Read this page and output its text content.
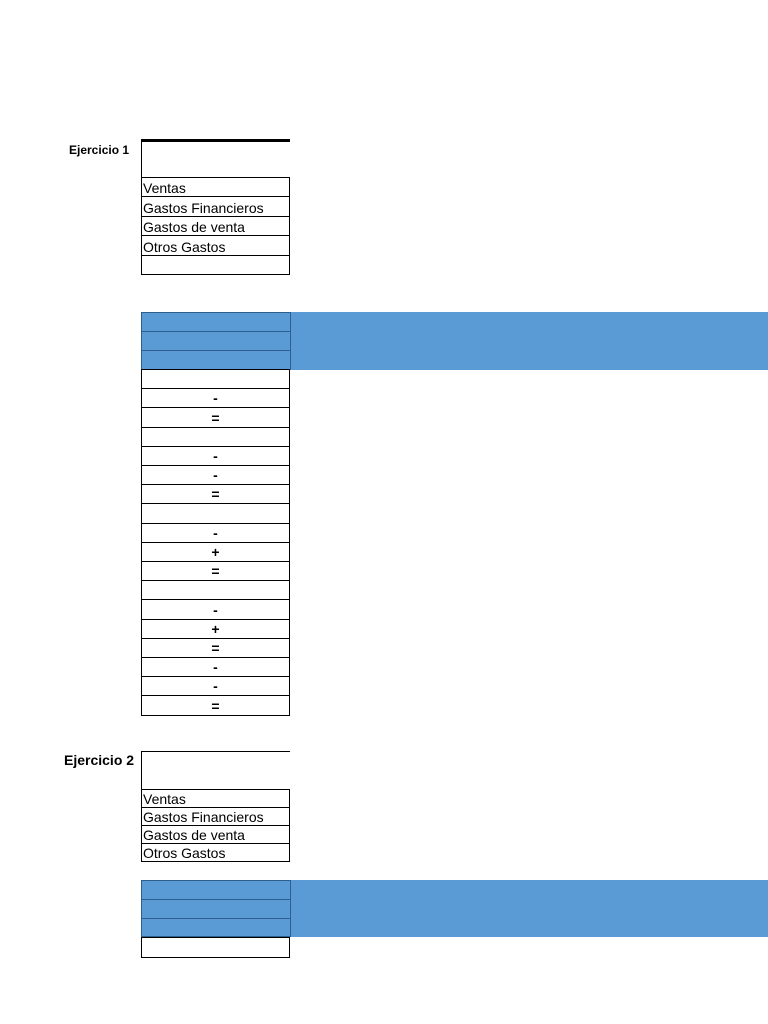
Ejercicio 1
Ventas
Gastos Financieros
Gastos de venta
Otros Gastos
-
=
-
-
=
-
+
=
-
+
=
-
-
=
Ejercicio 2
Ventas
Gastos Financieros
Gastos de venta
Otros Gastos
